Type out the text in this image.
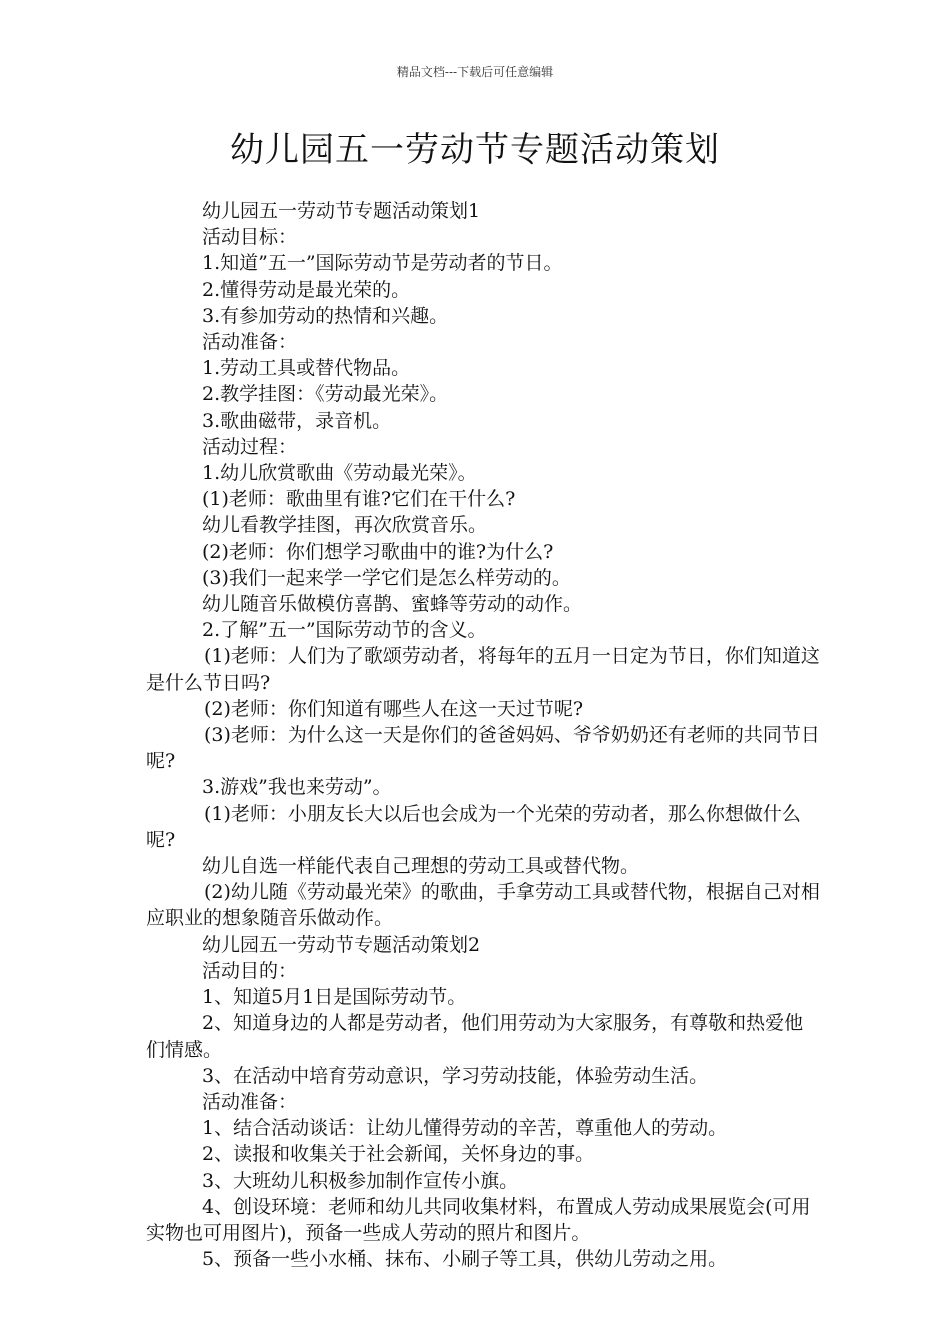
精品文档---下载后可任意编辑
幼儿园五一劳动节专题活动策划

幼儿园五一劳动节专题活动策划1

活动目标：

1.知道”五一”国际劳动节是劳动者的节日。

2.懂得劳动是最光荣的。

3.有参加劳动的热情和兴趣。

活动准备：

1.劳动工具或替代物品。

2.教学挂图：《劳动最光荣》。

3.歌曲磁带，录音机。

活动过程：

1.幼儿欣赏歌曲《劳动最光荣》。

(1)老师：歌曲里有谁?它们在干什么?

幼儿看教学挂图，再次欣赏音乐。

(2)老师：你们想学习歌曲中的谁?为什么?

(3)我们一起来学一学它们是怎么样劳动的。

幼儿随音乐做模仿喜鹊、蜜蜂等劳动的动作。

2.了解”五一”国际劳动节的含义。

(1)老师：人们为了歌颂劳动者，将每年的五月一日定为节日，你们知道这是什么节日吗?

(2)老师：你们知道有哪些人在这一天过节呢?

(3)老师：为什么这一天是你们的爸爸妈妈、爷爷奶奶还有老师的共同节日呢?

3.游戏”我也来劳动”。

(1)老师：小朋友长大以后也会成为一个光荣的劳动者，那么你想做什么呢?

幼儿自选一样能代表自己理想的劳动工具或替代物。

(2)幼儿随《劳动最光荣》的歌曲，手拿劳动工具或替代物，根据自己对相应职业的想象随音乐做动作。

幼儿园五一劳动节专题活动策划2

活动目的：

1、知道5月1日是国际劳动节。

2、知道身边的人都是劳动者，他们用劳动为大家服务，有尊敬和热爱他们情感。

3、在活动中培育劳动意识，学习劳动技能，体验劳动生活。

活动准备：

1、结合活动谈话：让幼儿懂得劳动的辛苦，尊重他人的劳动。

2、读报和收集关于社会新闻，关怀身边的事。

3、大班幼儿积极参加制作宣传小旗。

4、创设环境：老师和幼儿共同收集材料，布置成人劳动成果展览会(可用实物也可用图片)，预备一些成人劳动的照片和图片。

5、预备一些小水桶、抹布、小刷子等工具，供幼儿劳动之用。
